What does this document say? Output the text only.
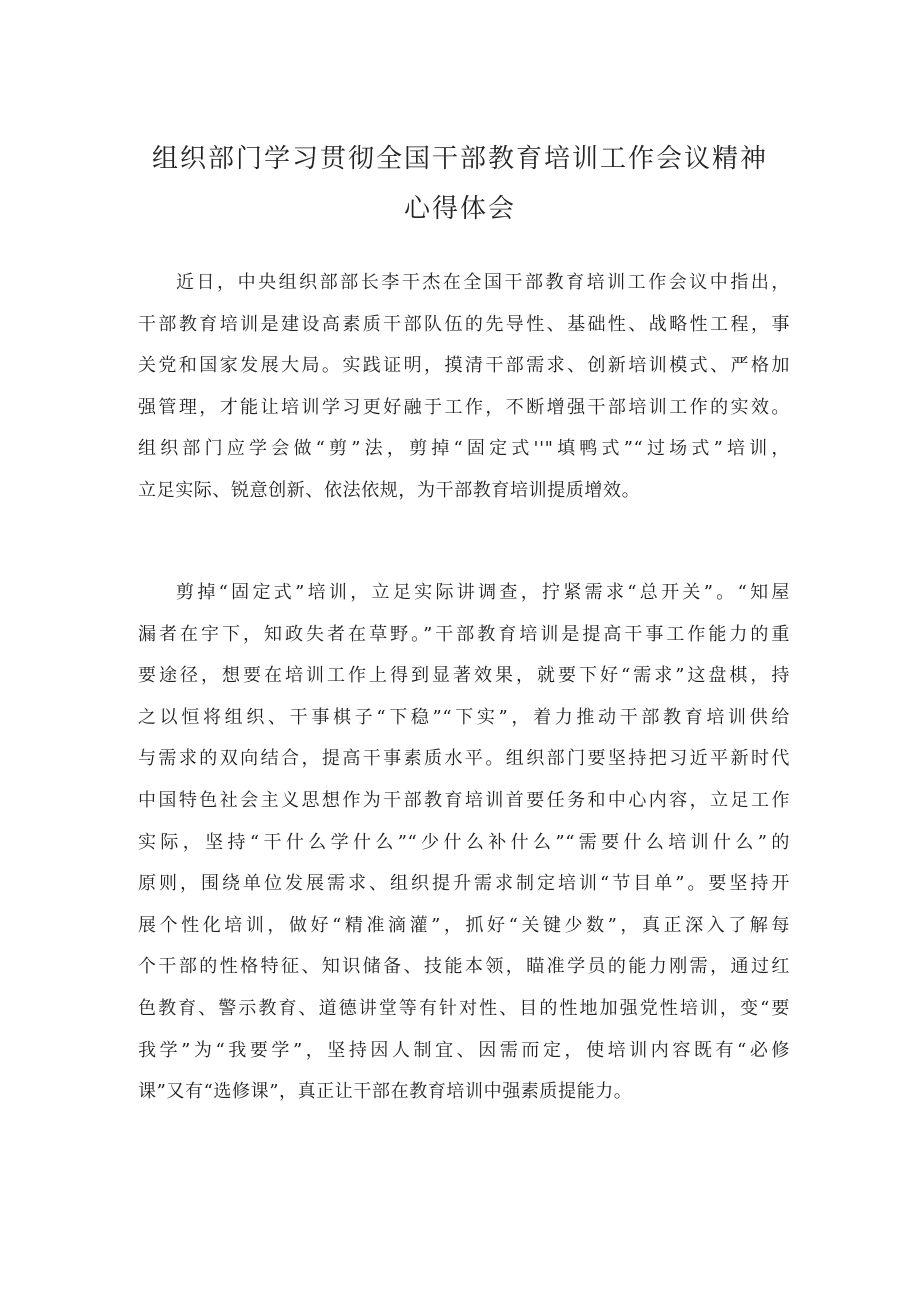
组织部门学习贯彻全国干部教育培训工作会议精神
心得体会
近日，中央组织部部长李干杰在全国干部教育培训工作会议中指出，
干部教育培训是建设高素质干部队伍的先导性、基础性、战略性工程，事
关党和国家发展大局。实践证明，摸清干部需求、创新培训模式、严格加
强管理，才能让培训学习更好融于工作，不断增强干部培训工作的实效。
组织部门应学会做“剪”法，剪掉“固定式''"填鸭式”“过场式”培训，
立足实际、锐意创新、依法依规，为干部教育培训提质增效。
剪掉“固定式”培训，立足实际讲调查，拧紧需求“总开关”。“知屋
漏者在宇下，知政失者在草野。”干部教育培训是提高干事工作能力的重
要途径，想要在培训工作上得到显著效果，就要下好“需求”这盘棋，持
之以恒将组织、干事棋子“下稳”“下实”，着力推动干部教育培训供给
与需求的双向结合，提高干事素质水平。组织部门要坚持把习近平新时代
中国特色社会主义思想作为干部教育培训首要任务和中心内容，立足工作
实际，坚持“干什么学什么”“少什么补什么”“需要什么培训什么”的
原则，围绕单位发展需求、组织提升需求制定培训“节目单”。要坚持开
展个性化培训，做好“精准滴灌”，抓好“关键少数”，真正深入了解每
个干部的性格特征、知识储备、技能本领，瞄准学员的能力刚需，通过红
色教育、警示教育、道德讲堂等有针对性、目的性地加强党性培训，变“要
我学”为“我要学”，坚持因人制宜、因需而定，使培训内容既有“必修
课”又有“选修课”，真正让干部在教育培训中强素质提能力。
